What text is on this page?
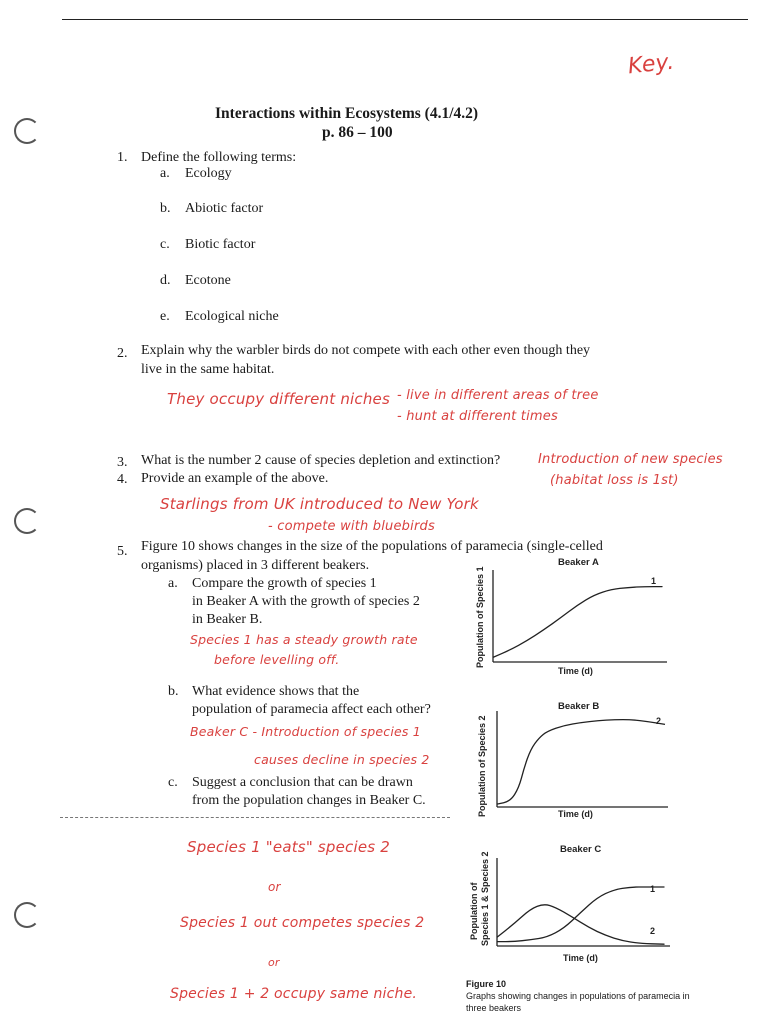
Key.
Interactions within Ecosystems (4.1/4.2)
p. 86 – 100
1. Define the following terms:
a. Ecology
b. Abiotic factor
c. Biotic factor
d. Ecotone
e. Ecological niche
2. Explain why the warbler birds do not compete with each other even though they
live in the same habitat.
They occupy different niches - live in different areas of tree
- hunt at different times
3. What is the number 2 cause of species depletion and extinction?	Introduction of new species
(habitat loss is 1st)
4. Provide an example of the above.
Starlings from UK introduced to New York
- compete with bluebirds
5. Figure 10 shows changes in the size of the populations of paramecia (single-celled
organisms) placed in 3 different beakers.
a. Compare the growth of species 1
in Beaker A with the growth of species 2
in Beaker B.
Species 1 has a steady growth rate
before levelling off.
b. What evidence shows that the
population of paramecia affect each other?
Beaker C - Introduction of species 1
causes decline in species 2
c. Suggest a conclusion that can be drawn
from the population changes in Beaker C.
Species 1 "eats" species 2
or
Species 1 out competes species 2
or
Species 1 + 2 occupy same niche.
Beaker A
Population of Species 1
Time (d)
1
Beaker B
Population of Species 2	Time (d)
2
Beaker C
Population of Species 1 & Species 2
Time (d)
1
2
Figure 10
Graphs showing changes in populations of paramecia in
three beakers
